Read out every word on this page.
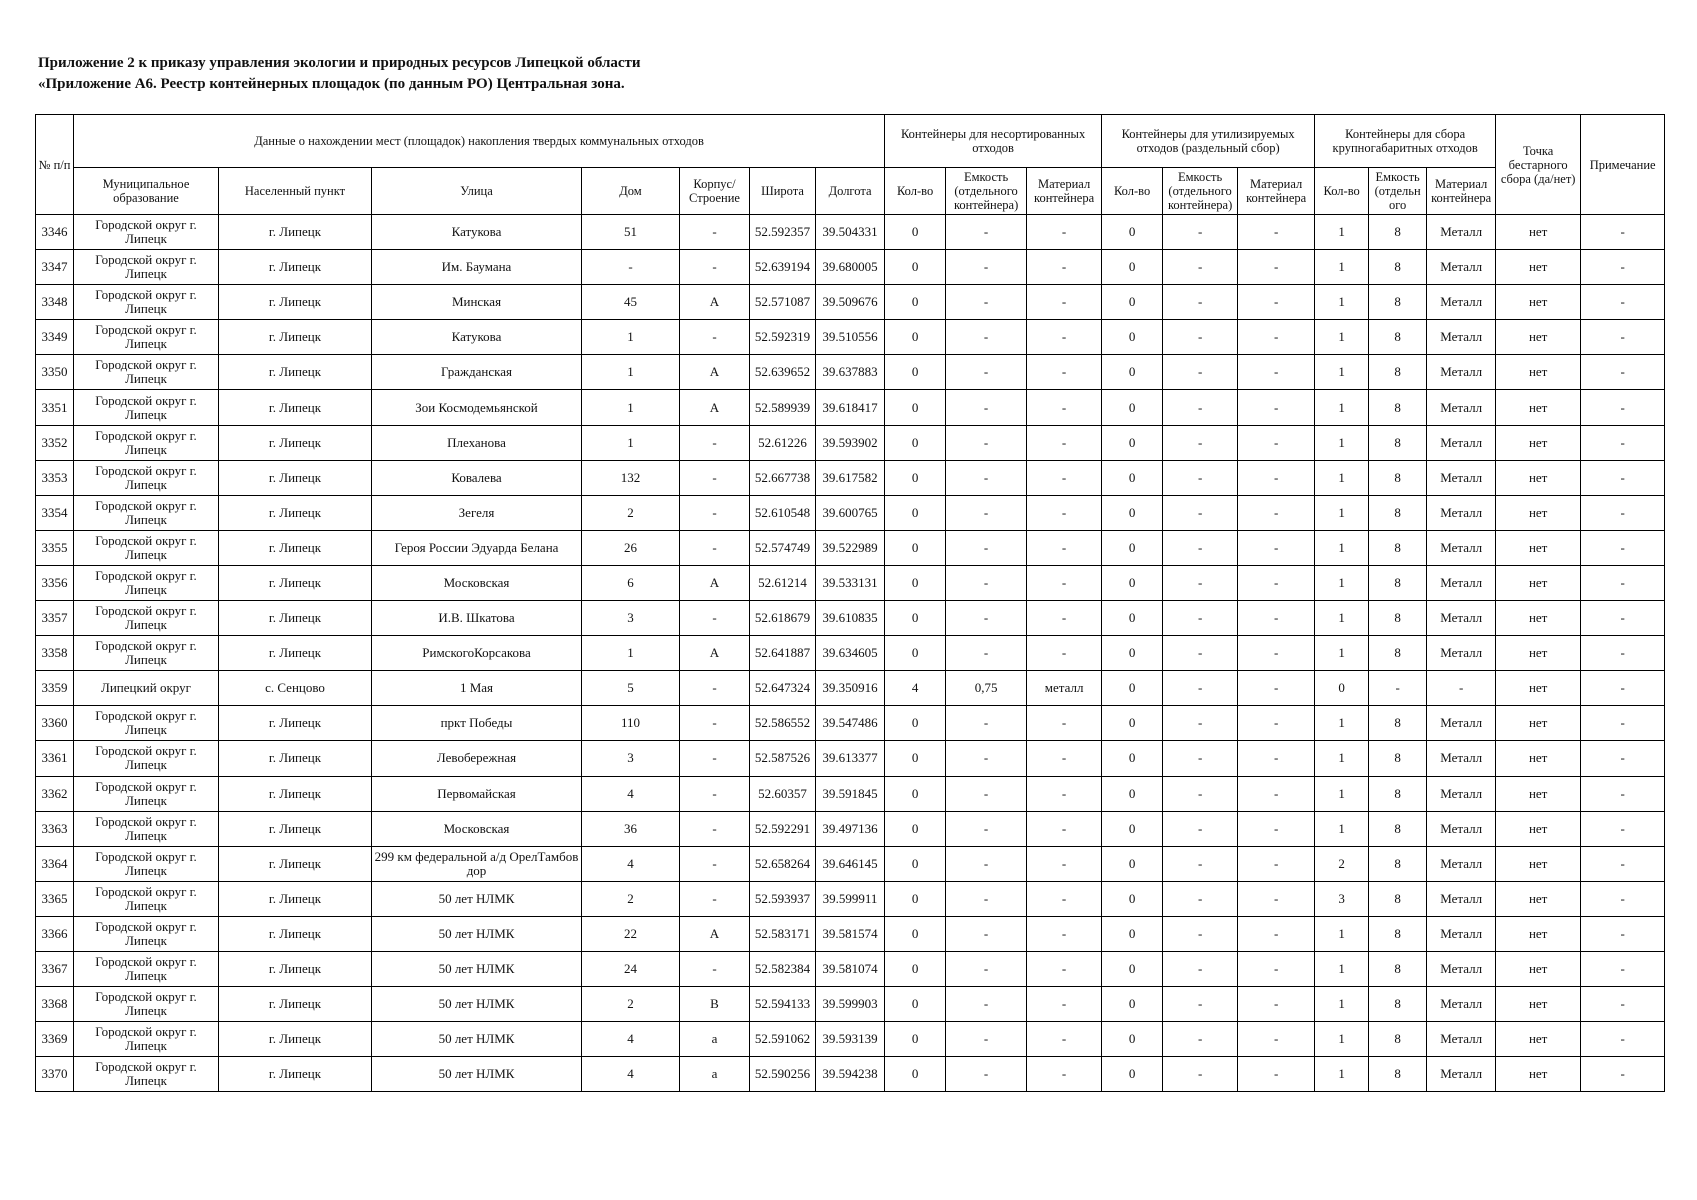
Приложение 2 к приказу управления экологии и природных ресурсов Липецкой области
«Приложение А6. Реестр контейнерных площадок (по данным РО) Центральная зона.
№ п/п	Данные о нахождении мест (площадок) накопления твердых коммунальных отходов							Контейнеры для несортированных отходов			Контейнеры для утилизируемых отходов (раздельный сбор)			Контейнеры для сбора крупногабаритных отходов			Точка бестарного сбора (да/нет)	Примечание
	Муниципальное образование	Населенный пункт	Улица	Дом	Корпус/ Строение	Широта	Долгота	Кол-во	Емкость (отдельного контейнера)	Материал контейнера	Кол-во	Емкость (отдельного контейнера)	Материал контейнера	Кол-во	Емкость (отдельн ого	Материал контейнера		
3346	Городской округ г. Липецк	г. Липецк	Катукова	51	-	52.592357	39.504331	0	-	-	0	-	-	1	8	Металл	нет	-
3347	Городской округ г. Липецк	г. Липецк	Им. Баумана	-	-	52.639194	39.680005	0	-	-	0	-	-	1	8	Металл	нет	-
3348	Городской округ г. Липецк	г. Липецк	Минская	45	А	52.571087	39.509676	0	-	-	0	-	-	1	8	Металл	нет	-
3349	Городской округ г. Липецк	г. Липецк	Катукова	1	-	52.592319	39.510556	0	-	-	0	-	-	1	8	Металл	нет	-
3350	Городской округ г. Липецк	г. Липецк	Гражданская	1	А	52.639652	39.637883	0	-	-	0	-	-	1	8	Металл	нет	-
3351	Городской округ г. Липецк	г. Липецк	Зои Космодемьянской	1	А	52.589939	39.618417	0	-	-	0	-	-	1	8	Металл	нет	-
3352	Городской округ г. Липецк	г. Липецк	Плеханова	1	-	52.61226	39.593902	0	-	-	0	-	-	1	8	Металл	нет	-
3353	Городской округ г. Липецк	г. Липецк	Ковалева	132	-	52.667738	39.617582	0	-	-	0	-	-	1	8	Металл	нет	-
3354	Городской округ г. Липецк	г. Липецк	Зегеля	2	-	52.610548	39.600765	0	-	-	0	-	-	1	8	Металл	нет	-
3355	Городской округ г. Липецк	г. Липецк	Героя России Эдуарда Белана	26	-	52.574749	39.522989	0	-	-	0	-	-	1	8	Металл	нет	-
3356	Городской округ г. Липецк	г. Липецк	Московская	6	А	52.61214	39.533131	0	-	-	0	-	-	1	8	Металл	нет	-
3357	Городской округ г. Липецк	г. Липецк	И.В. Шкатова	3	-	52.618679	39.610835	0	-	-	0	-	-	1	8	Металл	нет	-
3358	Городской округ г. Липецк	г. Липецк	РимскогоКорсакова	1	А	52.641887	39.634605	0	-	-	0	-	-	1	8	Металл	нет	-
3359	Липецкий округ	с. Сенцово	1 Мая	5	-	52.647324	39.350916	4	0,75	металл	0	-	-	0	-	-	нет	-
3360	Городской округ г. Липецк	г. Липецк	пркт Победы	110	-	52.586552	39.547486	0	-	-	0	-	-	1	8	Металл	нет	-
3361	Городской округ г. Липецк	г. Липецк	Левобережная	3	-	52.587526	39.613377	0	-	-	0	-	-	1	8	Металл	нет	-
3362	Городской округ г. Липецк	г. Липецк	Первомайская	4	-	52.60357	39.591845	0	-	-	0	-	-	1	8	Металл	нет	-
3363	Городской округ г. Липецк	г. Липецк	Московская	36	-	52.592291	39.497136	0	-	-	0	-	-	1	8	Металл	нет	-
3364	Городской округ г. Липецк	г. Липецк	299 км федеральной а/д ОрелТамбов дор	4	-	52.658264	39.646145	0	-	-	0	-	-	2	8	Металл	нет	-
3365	Городской округ г. Липецк	г. Липецк	50 лет НЛМК	2	-	52.593937	39.599911	0	-	-	0	-	-	3	8	Металл	нет	-
3366	Городской округ г. Липецк	г. Липецк	50 лет НЛМК	22	А	52.583171	39.581574	0	-	-	0	-	-	1	8	Металл	нет	-
3367	Городской округ г. Липецк	г. Липецк	50 лет НЛМК	24	-	52.582384	39.581074	0	-	-	0	-	-	1	8	Металл	нет	-
3368	Городской округ г. Липецк	г. Липецк	50 лет НЛМК	2	В	52.594133	39.599903	0	-	-	0	-	-	1	8	Металл	нет	-
3369	Городской округ г. Липецк	г. Липецк	50 лет НЛМК	4	а	52.591062	39.593139	0	-	-	0	-	-	1	8	Металл	нет	-
3370	Городской округ г. Липецк	г. Липецк	50 лет НЛМК	4	а	52.590256	39.594238	0	-	-	0	-	-	1	8	Металл	нет	-
